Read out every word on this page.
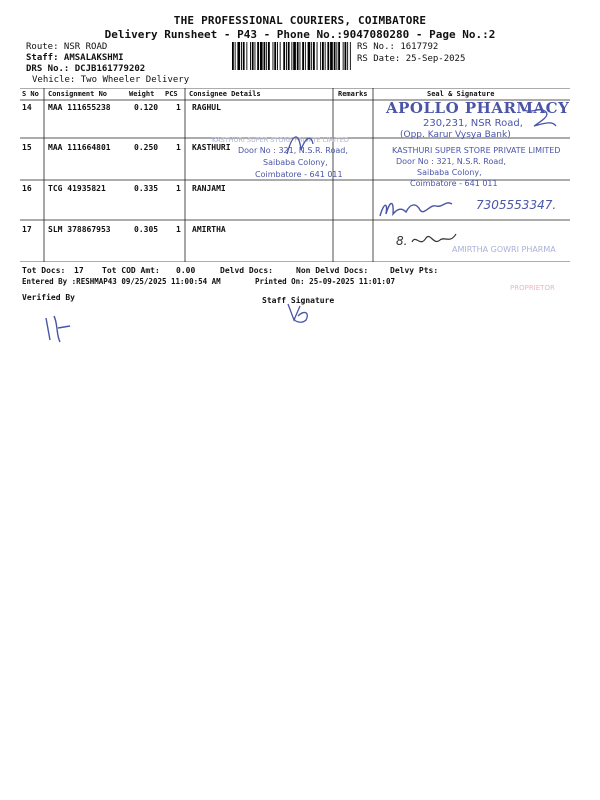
THE PROFESSIONAL COURIERS, COIMBATORE
Delivery Runsheet - P43 - Phone No.:9047080280 - Page No.:2
Route: NSR ROAD
Staff: AMSALAKSHMI
DRS No.: DCJB161779202
Vehicle: Two Wheeler Delivery
RS No.: 1617792
RS Date: 25-Sep-2025
S No Consignment No	Weight PCS Consignee Details	Remarks	Seal & Signature
14 MAA 111655238	0.120 1 RAGHUL
15 MAA 111664801	0.250 1 KASTHURI
16 TCG 41935821	0.335 1 RANJAMI
17 SLM 378867953	0.305 1 AMIRTHA
APOLLO PHARMACY
230,231, NSR Road,
(Opp. Karur Vysya Bank)
KASTHURI SUPER STORE PRIVATE LIMITED
Door No : 321, N.S.R. Road,
Saibaba Colony,
Coimbatore - 641 011
KASTHURI SUPER STORE PRIVATE LIMITED
Door No : 321, N.S.R. Road,
Saibaba Colony,
Coimbatore - 641 011
7305553347.
8.
AMIRTHA GOWRI PHARMA
Tot Docs: 17 Tot COD Amt: 0.00	Delvd Docs:	Non Delvd Docs:	Delvy Pts:
Entered By :RESHMAP43 09/25/2025 11:00:54 AM	Printed On: 25-09-2025 11:01:07
PROPRIETOR
Verified By	Staff Signature
